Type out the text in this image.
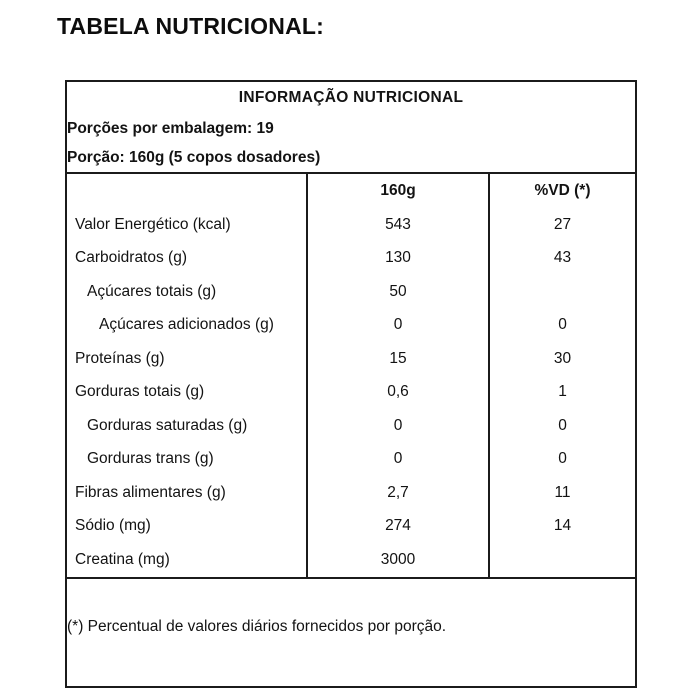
TABELA NUTRICIONAL:
INFORMAÇÃO NUTRICIONAL		
Porções por embalagem: 19		
Porção: 160g (5 copos dosadores)		
	160g	%VD (*)
Valor Energético (kcal)	543	27
Carboidratos (g)	130	43
Açúcares totais (g)	50	
Açúcares adicionados (g)	0	0
Proteínas (g)	15	30
Gorduras totais (g)	0,6	1
Gorduras saturadas (g)	0	0
Gorduras trans (g)	0	0
Fibras alimentares (g)	2,7	11
Sódio (mg)	274	14
Creatina (mg)	3000	
(*) Percentual de valores diários fornecidos por porção.		
